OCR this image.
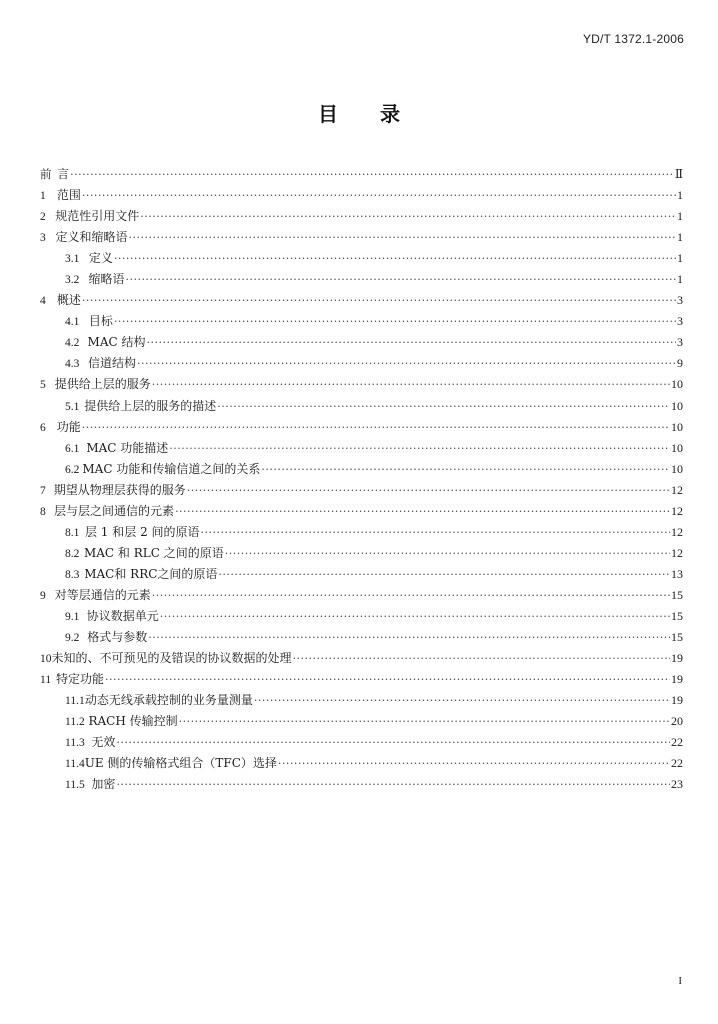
YD/T 1372.1-2006
目 录
前 言 ·····	Ⅱ
1 范围 ·····	1
2 规范性引用文件 ·····	1
3 定义和缩略语 ·····	1
3.1 定义 ·····	1
3.2 缩略语 ·····	1
4 概述 ·····	3
4.1 目标 ·····	3
4.2 MAC 结构 ·····	3
4.3 信道结构 ·····	9
5 提供给上层的服务 ·····	10
5.1 提供给上层的服务的描述 ·····	10
6 功能 ·····	10
6.1 MAC 功能描述 ·····	10
6.2 MAC 功能和传输信道之间的关系 ·····	10
7 期望从物理层获得的服务 ·····	12
8 层与层之间通信的元素 ·····	12
8.1 层 1 和层 2 间的原语 ·····	12
8.2 MAC 和 RLC 之间的原语 ·····	12
8.3 MAC和 RRC之间的原语 ·····	13
9 对等层通信的元素 ·····	15
9.1 协议数据单元 ·····	15
9.2 格式与参数 ·····	15
10 未知的、不可预见的及错误的协议数据的处理 ·····	19
11 特定功能 ·····	19
11.1 动态无线承载控制的业务量测量 ·····	19
11.2 RACH 传输控制 ·····	20
11.3 无效 ·····	22
11.4 UE 侧的传输格式组合（TFC）选择 ·····	22
11.5 加密 ·····	23
I
